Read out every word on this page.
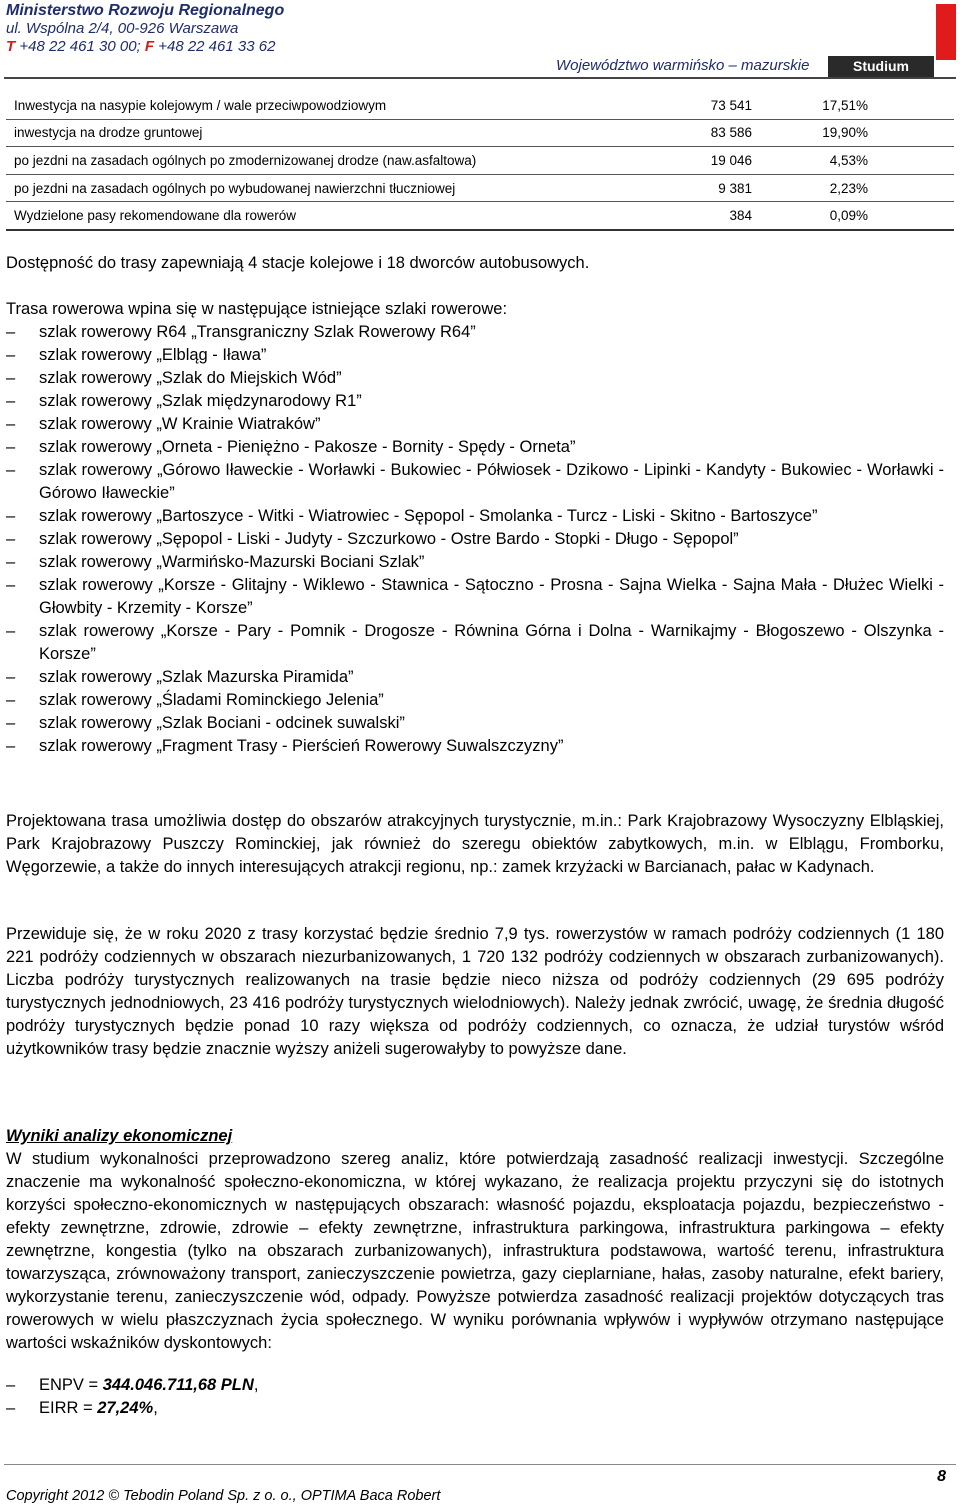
Ministerstwo Rozwoju Regionalnego
ul. Wspólna 2/4, 00-926 Warszawa
T +48 22 461 30 00; F +48 22 461 33 62
Województwo warmińsko – mazurskie	Studium
Inwestycja na nasypie kolejowym / wale przeciwpowodziowym	73 541	17,51%
inwestycja na drodze gruntowej	83 586	19,90%
po jezdni na zasadach ogólnych po zmodernizowanej drodze (naw.asfaltowa)	19 046	4,53%
po jezdni na zasadach ogólnych po wybudowanej nawierzchni tłuczniowej	9 381	2,23%
Wydzielone pasy rekomendowane dla rowerów	384	0,09%
Dostępność do trasy zapewniają 4 stacje kolejowe i 18 dworców autobusowych.
Trasa rowerowa wpina się w następujące istniejące szlaki rowerowe:
– szlak rowerowy R64 „Transgraniczny Szlak Rowerowy R64”
– szlak rowerowy „Elbląg - Iława”
– szlak rowerowy „Szlak do Miejskich Wód”
– szlak rowerowy „Szlak międzynarodowy R1”
– szlak rowerowy „W Krainie Wiatraków”
– szlak rowerowy „Orneta - Pieniężno - Pakosze - Bornity - Spędy - Orneta”
– szlak rowerowy „Górowo Iławeckie - Worławki - Bukowiec - Półwiosek - Dzikowo - Lipinki - Kandyty - Bukowiec - Worławki - Górowo Iławeckie”
– szlak rowerowy „Bartoszyce - Witki - Wiatrowiec - Sępopol - Smolanka - Turcz - Liski - Skitno - Bartoszyce”
– szlak rowerowy „Sępopol - Liski - Judyty - Szczurkowo - Ostre Bardo - Stopki - Długo - Sępopol”
– szlak rowerowy „Warmińsko-Mazurski Bociani Szlak”
– szlak rowerowy „Korsze - Glitajny - Wiklewo - Stawnica - Sątoczno - Prosna - Sajna Wielka - Sajna Mała - Dłużec Wielki - Głowbity - Krzemity - Korsze”
– szlak rowerowy „Korsze - Pary - Pomnik - Drogosze - Równina Górna i Dolna - Warnikajmy - Błogoszewo - Olszynka - Korsze”
– szlak rowerowy „Szlak Mazurska Piramida”
– szlak rowerowy „Śladami Rominckiego Jelenia”
– szlak rowerowy „Szlak Bociani - odcinek suwalski”
– szlak rowerowy „Fragment Trasy - Pierścień Rowerowy Suwalszczyzny”
Projektowana trasa umożliwia dostęp do obszarów atrakcyjnych turystycznie, m.in.: Park Krajobrazowy Wysoczyzny Elbląskiej, Park Krajobrazowy Puszczy Rominckiej, jak również do szeregu obiektów zabytkowych, m.in. w Elblągu, Fromborku, Węgorzewie, a także do innych interesujących atrakcji regionu, np.: zamek krzyżacki w Barcianach, pałac w Kadynach.
Przewiduje się, że w roku 2020 z trasy korzystać będzie średnio 7,9 tys. rowerzystów w ramach podróży codziennych (1 180 221 podróży codziennych w obszarach niezurbanizowanych, 1 720 132 podróży codziennych w obszarach zurbanizowanych). Liczba podróży turystycznych realizowanych na trasie będzie nieco niższa od podróży codziennych (29 695 podróży turystycznych jednodniowych, 23 416 podróży turystycznych wielodniowych). Należy jednak zwrócić, uwagę, że średnia długość podróży turystycznych będzie ponad 10 razy większa od podróży codziennych, co oznacza, że udział turystów wśród użytkowników trasy będzie znacznie wyższy aniżeli sugerowałyby to powyższe dane.
Wyniki analizy ekonomicznej
W studium wykonalności przeprowadzono szereg analiz, które potwierdzają zasadność realizacji inwestycji. Szczególne znaczenie ma wykonalność społeczno-ekonomiczna, w której wykazano, że realizacja projektu przyczyni się do istotnych korzyści społeczno-ekonomicznych w następujących obszarach: własność pojazdu, eksploatacja pojazdu, bezpieczeństwo - efekty zewnętrzne, zdrowie, zdrowie – efekty zewnętrzne, infrastruktura parkingowa, infrastruktura parkingowa – efekty zewnętrzne, kongestia (tylko na obszarach zurbanizowanych), infrastruktura podstawowa, wartość terenu, infrastruktura towarzysząca, zrównoważony transport, zanieczyszczenie powietrza, gazy cieplarniane, hałas, zasoby naturalne, efekt bariery, wykorzystanie terenu, zanieczyszczenie wód, odpady. Powyższe potwierdza zasadność realizacji projektów dotyczących tras rowerowych w wielu płaszczyznach życia społecznego. W wyniku porównania wpływów i wypływów otrzymano następujące wartości wskaźników dyskontowych:
– ENPV = 344.046.711,68 PLN,
– EIRR = 27,24%,
Copyright 2012 © Tebodin Poland Sp. z o. o., OPTIMA Baca Robert
8
